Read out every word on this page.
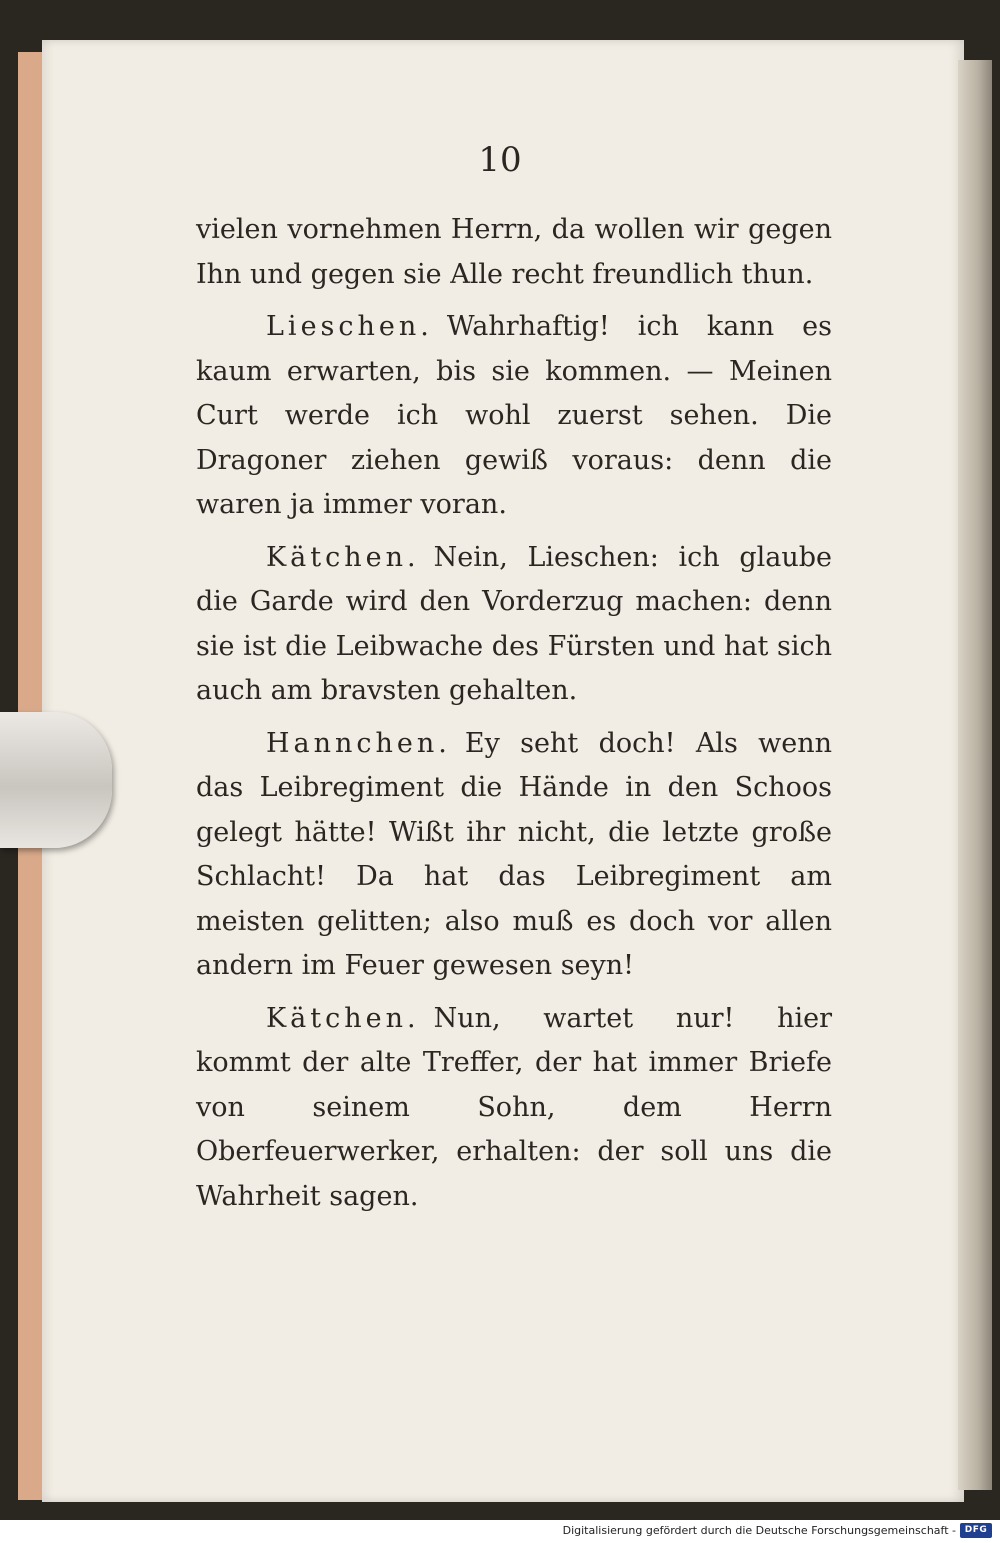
10

vielen vornehmen Herrn, da wollen wir gegen Ihn und gegen sie Alle recht freundlich thun.

Lieschen. Wahrhaftig! ich kann es kaum erwarten, bis sie kommen. — Meinen Curt werde ich wohl zuerst sehen. Die Dragoner ziehen gewiß voraus: denn die waren ja immer voran.

Kätchen. Nein, Lieschen: ich glaube die Garde wird den Vorderzug machen: denn sie ist die Leibwache des Fürsten und hat sich auch am bravsten gehalten.

Hannchen. Ey seht doch! Als wenn das Leibregiment die Hände in den Schoos gelegt hätte! Wißt ihr nicht, die letzte große Schlacht! Da hat das Leibregiment am meisten gelitten; also muß es doch vor allen andern im Feuer gewesen seyn!

Kätchen. Nun, wartet nur! hier kommt der alte Treffer, der hat immer Briefe von seinem Sohn, dem Herrn Oberfeuerwerker, erhalten: der soll uns die Wahrheit sagen.

Digitalisierung gefördert durch die Deutsche Forschungsgemeinschaft - DFG
